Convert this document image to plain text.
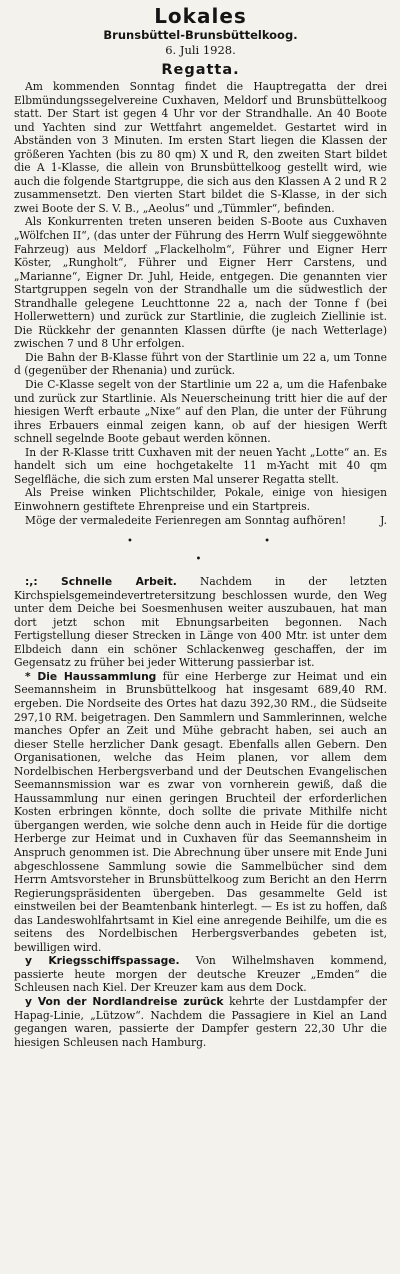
Lokales
Brunsbüttel-Brunsbüttelkoog.
6. Juli 1928.
Regatta.

Am kommenden Sonntag findet die Hauptregatta der drei Elbmündungssegelvereine Cuxhaven, Meldorf und Brunsbüttelkoog statt. Der Start ist gegen 4 Uhr vor der Strandhalle. An 40 Boote und Yachten sind zur Wettfahrt angemeldet. Gestartet wird in Abständen von 3 Minuten. Im ersten Start liegen die Klassen der größeren Yachten (bis zu 80 qm) X und R, den zweiten Start bildet die A 1-Klasse, die allein von Brunsbüttelkoog gestellt wird, wie auch die folgende Startgruppe, die sich aus den Klassen A 2 und R 2 zusammensetzt. Den vierten Start bildet die S-Klasse, in der sich zwei Boote der S. V. B., „Aeolus“ und „Tümmler“, befinden.

Als Konkurrenten treten unseren beiden S-Boote aus Cuxhaven „Wölfchen II“, (das unter der Führung des Herrn Wulf sieggewöhnte Fahrzeug) aus Meldorf „Flackelholm“, Führer und Eigner Herr Köster, „Rungholt“, Führer und Eigner Herr Carstens, und „Marianne“, Eigner Dr. Juhl, Heide, entgegen. Die genannten vier Startgruppen segeln von der Strandhalle um die südwestlich der Strandhalle gelegene Leuchttonne 22 a, nach der Tonne f (bei Hollerwettern) und zurück zur Startlinie, die zugleich Ziellinie ist. Die Rückkehr der genannten Klassen dürfte (je nach Wetterlage) zwischen 7 und 8 Uhr erfolgen.

Die Bahn der B-Klasse führt von der Startlinie um 22 a, um Tonne d (gegenüber der Rhenania) und zurück.

Die C-Klasse segelt von der Startlinie um 22 a, um die Hafenbake und zurück zur Startlinie. Als Neuerscheinung tritt hier die auf der hiesigen Werft erbaute „Nixe“ auf den Plan, die unter der Führung ihres Erbauers einmal zeigen kann, ob auf der hiesigen Werft schnell segelnde Boote gebaut werden können.

In der R-Klasse tritt Cuxhaven mit der neuen Yacht „Lotte“ an. Es handelt sich um eine hochgetakelte 11 m-Yacht mit 40 qm Segelfläche, die sich zum ersten Mal unserer Regatta stellt.

Als Preise winken Plichtschilder, Pokale, einige von hiesigen Einwohnern gestiftete Ehrenpreise und ein Startpreis.

Möge der vermaledeite Ferienregen am Sonntag aufhören!	J.
• • •

:,: Schnelle Arbeit. Nachdem in der letzten Kirchspielsgemeindevertretersitzung beschlossen wurde, den Weg unter dem Deiche bei Soesmenhusen weiter auszubauen, hat man dort jetzt schon mit Ebnungsarbeiten begonnen. Nach Fertigstellung dieser Strecken in Länge von 400 Mtr. ist unter dem Elbdeich dann ein schöner Schlackenweg geschaffen, der im Gegensatz zu früher bei jeder Witterung passierbar ist.

* Die Haussammlung für eine Herberge zur Heimat und ein Seemannsheim in Brunsbüttelkoog hat insgesamt 689,40 RM. ergeben. Die Nordseite des Ortes hat dazu 392,30 RM., die Südseite 297,10 RM. beigetragen. Den Sammlern und Sammlerinnen, welche manches Opfer an Zeit und Mühe gebracht haben, sei auch an dieser Stelle herzlicher Dank gesagt. Ebenfalls allen Gebern. Den Organisationen, welche das Heim planen, vor allem dem Nordelbischen Herbergsverband und der Deutschen Evangelischen Seemannsmission war es zwar von vornherein gewiß, daß die Haussammlung nur einen geringen Bruchteil der erforderlichen Kosten erbringen könnte, doch sollte die private Mithilfe nicht übergangen werden, wie solche denn auch in Heide für die dortige Herberge zur Heimat und in Cuxhaven für das Seemannsheim in Anspruch genommen ist. Die Abrechnung über unsere mit Ende Juni abgeschlossene Sammlung sowie die Sammelbücher sind dem Herrn Amtsvorsteher in Brunsbüttelkoog zum Bericht an den Herrn Regierungspräsidenten übergeben. Das gesammelte Geld ist einstweilen bei der Beamtenbank hinterlegt. — Es ist zu hoffen, daß das Landeswohlfahrtsamt in Kiel eine anregende Beihilfe, um die es seitens des Nordelbischen Herbergsverbandes gebeten ist, bewilligen wird.

y Kriegsschiffspassage. Von Wilhelmshaven kommend, passierte heute morgen der deutsche Kreuzer „Emden“ die Schleusen nach Kiel. Der Kreuzer kam aus dem Dock.

y Von der Nordlandreise zurück kehrte der Lustdampfer der Hapag-Linie, „Lützow“. Nachdem die Passagiere in Kiel an Land gegangen waren, passierte der Dampfer gestern 22,30 Uhr die hiesigen Schleusen nach Hamburg.
